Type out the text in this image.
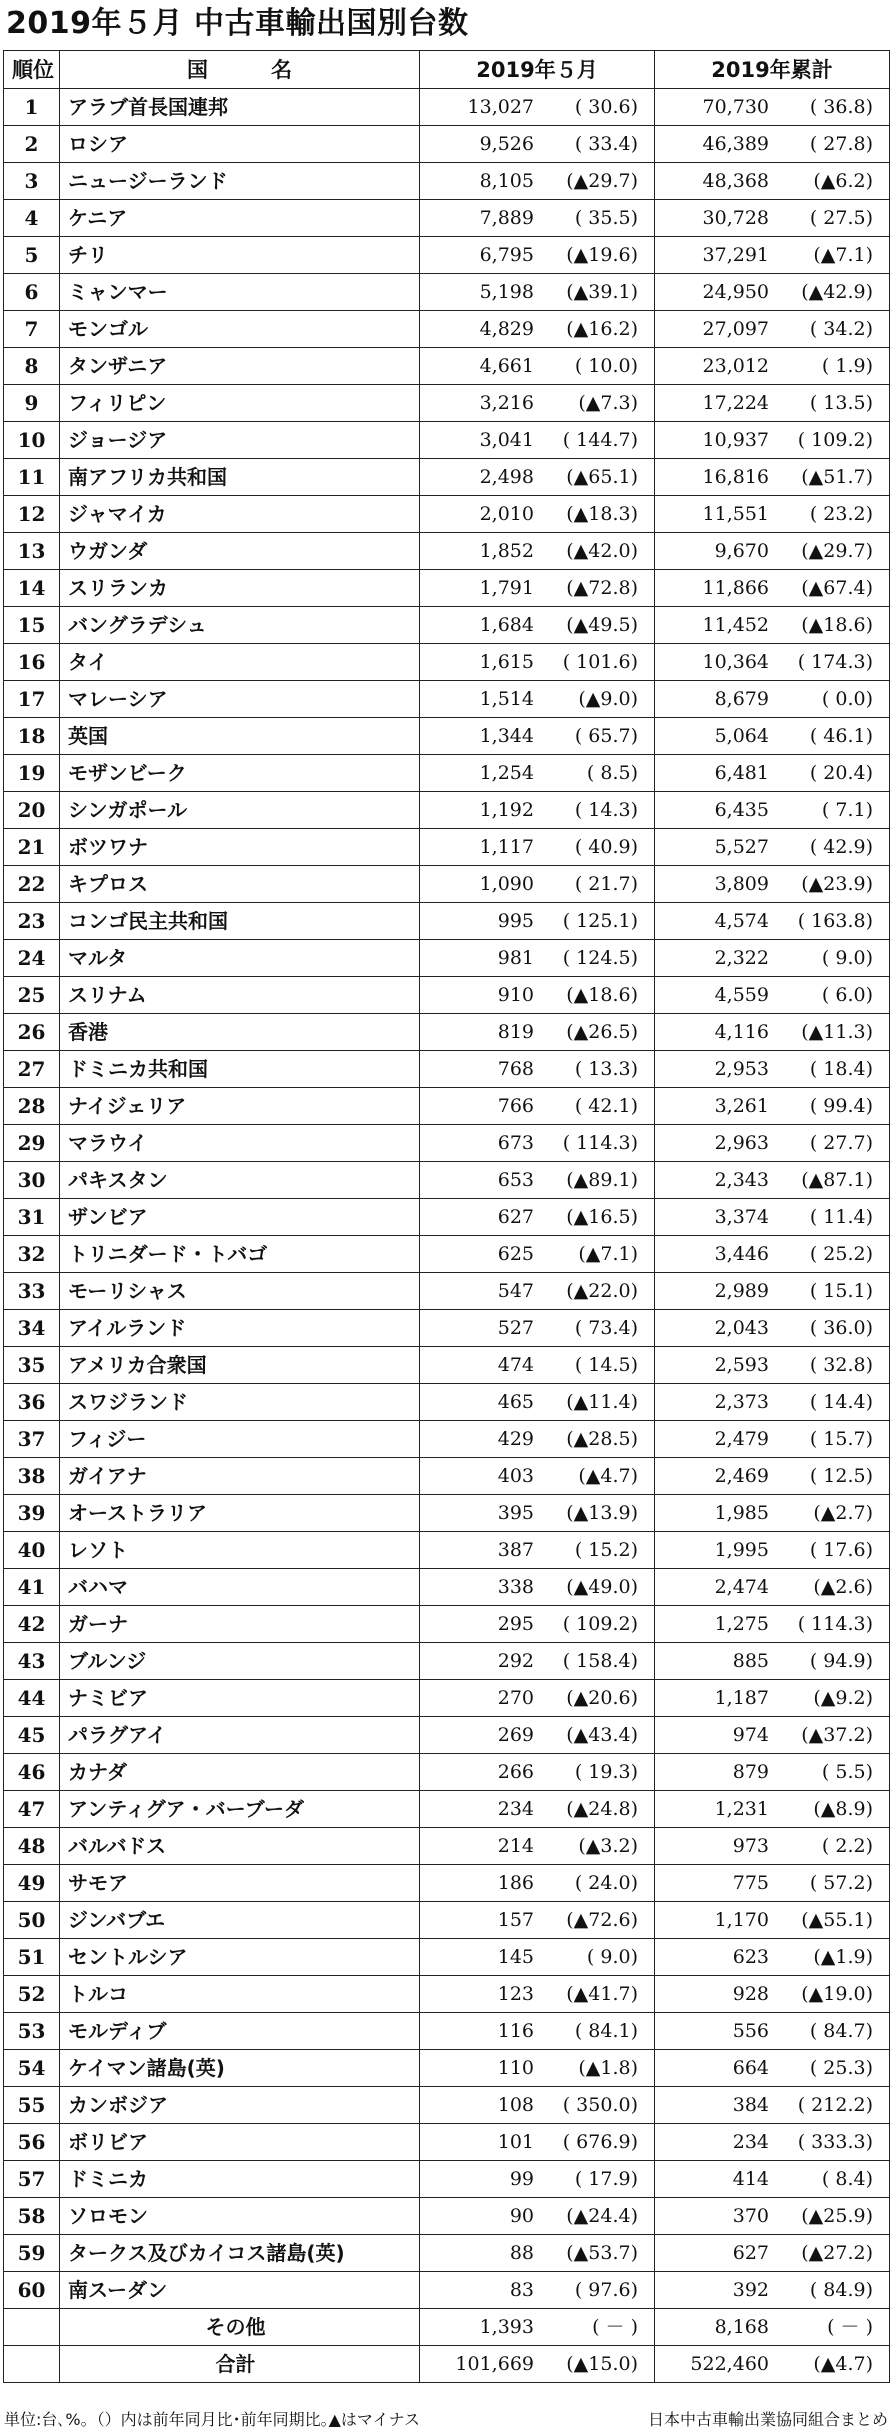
2019年５月 中古車輸出国別台数
順位	国　　　名	2019年５月	2019年累計
1	アラブ首長国連邦	13,027 ( 30.6)	70,730 ( 36.8)

2	ロシア	9,526 ( 33.4)	46,389 ( 27.8)

3	ニュージーランド	8,105 (▲29.7)	48,368 (▲6.2)

4	ケニア	7,889 ( 35.5)	30,728 ( 27.5)

5	チリ	6,795 (▲19.6)	37,291 (▲7.1)

6	ミャンマー	5,198 (▲39.1)	24,950 (▲42.9)

7	モンゴル	4,829 (▲16.2)	27,097 ( 34.2)

8	タンザニア	4,661 ( 10.0)	23,012 ( 1.9)

9	フィリピン	3,216 (▲7.3)	17,224 ( 13.5)

10	ジョージア	3,041 ( 144.7)	10,937 ( 109.2)

11	南アフリカ共和国	2,498 (▲65.1)	16,816 (▲51.7)

12	ジャマイカ	2,010 (▲18.3)	11,551 ( 23.2)

13	ウガンダ	1,852 (▲42.0)	9,670 (▲29.7)

14	スリランカ	1,791 (▲72.8)	11,866 (▲67.4)

15	バングラデシュ	1,684 (▲49.5)	11,452 (▲18.6)

16	タイ	1,615 ( 101.6)	10,364 ( 174.3)

17	マレーシア	1,514 (▲9.0)	8,679 ( 0.0)

18	英国	1,344 ( 65.7)	5,064 ( 46.1)

19	モザンビーク	1,254 ( 8.5)	6,481 ( 20.4)

20	シンガポール	1,192 ( 14.3)	6,435 ( 7.1)

21	ボツワナ	1,117 ( 40.9)	5,527 ( 42.9)

22	キプロス	1,090 ( 21.7)	3,809 (▲23.9)

23	コンゴ民主共和国	995 ( 125.1)	4,574 ( 163.8)

24	マルタ	981 ( 124.5)	2,322 ( 9.0)

25	スリナム	910 (▲18.6)	4,559 ( 6.0)

26	香港	819 (▲26.5)	4,116 (▲11.3)

27	ドミニカ共和国	768 ( 13.3)	2,953 ( 18.4)

28	ナイジェリア	766 ( 42.1)	3,261 ( 99.4)

29	マラウイ	673 ( 114.3)	2,963 ( 27.7)

30	パキスタン	653 (▲89.1)	2,343 (▲87.1)

31	ザンビア	627 (▲16.5)	3,374 ( 11.4)

32	トリニダード・トバゴ	625 (▲7.1)	3,446 ( 25.2)

33	モーリシャス	547 (▲22.0)	2,989 ( 15.1)

34	アイルランド	527 ( 73.4)	2,043 ( 36.0)

35	アメリカ合衆国	474 ( 14.5)	2,593 ( 32.8)

36	スワジランド	465 (▲11.4)	2,373 ( 14.4)

37	フィジー	429 (▲28.5)	2,479 ( 15.7)

38	ガイアナ	403 (▲4.7)	2,469 ( 12.5)

39	オーストラリア	395 (▲13.9)	1,985 (▲2.7)

40	レソト	387 ( 15.2)	1,995 ( 17.6)

41	バハマ	338 (▲49.0)	2,474 (▲2.6)

42	ガーナ	295 ( 109.2)	1,275 ( 114.3)

43	ブルンジ	292 ( 158.4)	885 ( 94.9)

44	ナミビア	270 (▲20.6)	1,187 (▲9.2)

45	パラグアイ	269 (▲43.4)	974 (▲37.2)

46	カナダ	266 ( 19.3)	879 ( 5.5)

47	アンティグア・バーブーダ	234 (▲24.8)	1,231 (▲8.9)

48	バルバドス	214 (▲3.2)	973 ( 2.2)

49	サモア	186 ( 24.0)	775 ( 57.2)

50	ジンバブエ	157 (▲72.6)	1,170 (▲55.1)

51	セントルシア	145 ( 9.0)	623 (▲1.9)

52	トルコ	123 (▲41.7)	928 (▲19.0)

53	モルディブ	116 ( 84.1)	556 ( 84.7)

54	ケイマン諸島(英)	110 (▲1.8)	664 ( 25.3)

55	カンボジア	108 ( 350.0)	384 ( 212.2)

56	ボリビア	101 ( 676.9)	234 ( 333.3)

57	ドミニカ	99 ( 17.9)	414 ( 8.4)

58	ソロモン	90 (▲24.4)	370 (▲25.9)

59	タークス及びカイコス諸島(英)	88 (▲53.7)	627 (▲27.2)

60	南スーダン	83 ( 97.6)	392 ( 84.9)

	その他	1,393 ( － )	8,168 ( － )

	合計	101,669 (▲15.0)	522,460 (▲4.7)
単位:台､%｡（）内は前年同月比･前年同期比｡▲はマイナス	日本中古車輸出業協同組合まとめ
